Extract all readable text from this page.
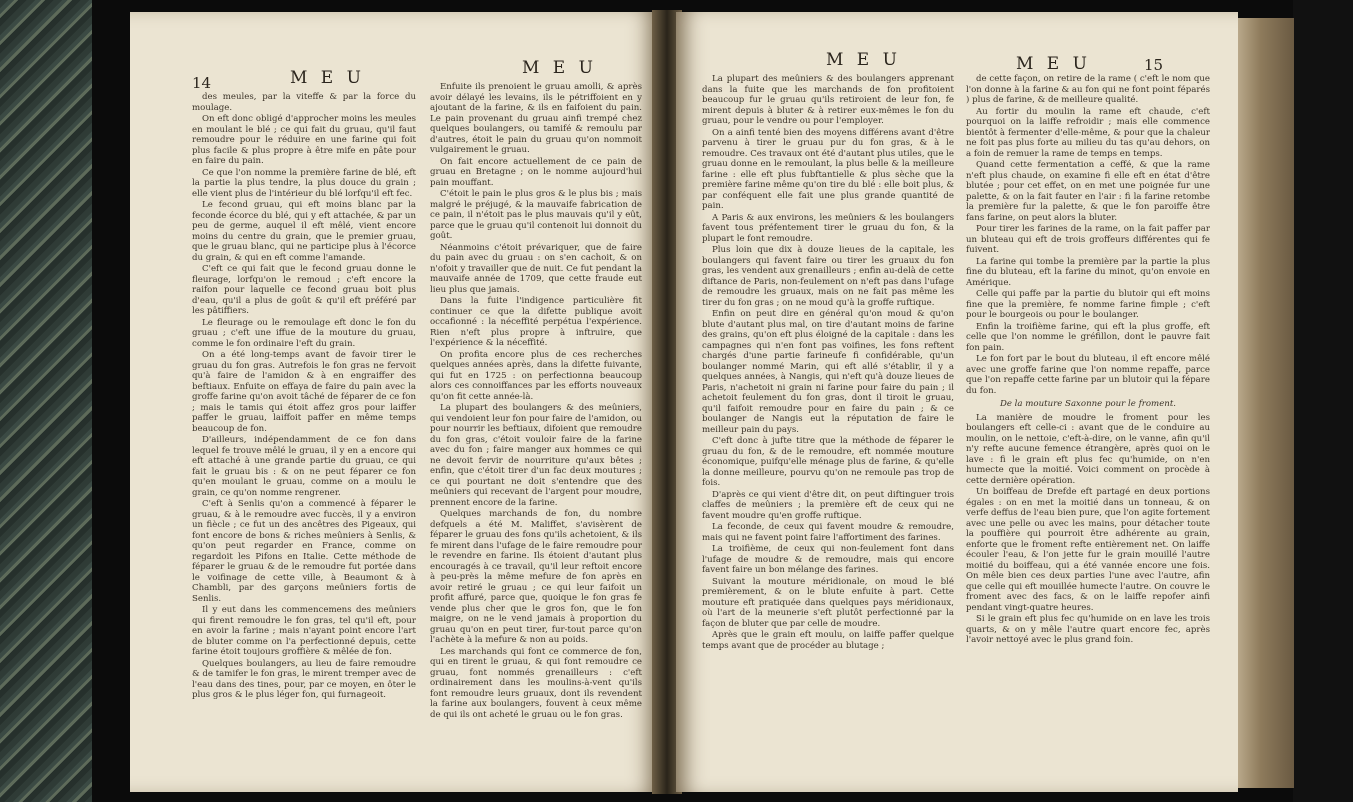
14	M E U	M E U

des meules, par la viteffe & par la force du moulage.

On eft donc obligé d'approcher moins les meules en moulant le blé ; ce qui fait du gruau, qu'il faut remoudre pour le réduire en une farine qui foit plus facile & plus propre à être mife en pâte pour en faire du pain.

Ce que l'on nomme la première farine de blé, eft la partie la plus tendre, la plus douce du grain ; elle vient plus de l'intérieur du blé lorfqu'il eft fec.

Le fecond gruau, qui eft moins blanc par la feconde écorce du blé, qui y eft attachée, & par un peu de germe, auquel il eft mêlé, vient encore moins du centre du grain, que le premier gruau, que le gruau blanc, qui ne participe plus à l'écorce du grain, & qui en eft comme l'amande.

C'eft ce qui fait que le fecond gruau donne le fleurage, lorfqu'on le remoud ; c'eft encore la raifon pour laquelle ce fecond gruau boit plus d'eau, qu'il a plus de goût & qu'il eft préféré par les pâtiffiers.

Le fleurage ou le remoulage eft donc le fon du gruau ; c'eft une iffue de la mouture du gruau, comme le fon ordinaire l'eft du grain.

On a été long-temps avant de favoir tirer le gruau du fon gras. Autrefois le fon gras ne fervoit qu'à faire de l'amidon & à en engraiffer des beftiaux. Enfuite on effaya de faire du pain avec la groffe farine qu'on avoit tâché de féparer de ce fon ; mais le tamis qui étoit affez gros pour laiffer paffer le gruau, laiffoit paffer en même temps beaucoup de fon.

D'ailleurs, indépendamment de ce fon dans lequel fe trouve mêlé le gruau, il y en a encore qui eft attaché à une grande partie du gruau, ce qui fait le gruau bis : & on ne peut féparer ce fon qu'en moulant le gruau, comme on a moulu le grain, ce qu'on nomme rengrener.

C'eft à Senlis qu'on a commencé à féparer le gruau, & à le remoudre avec fuccès, il y a environ un fiècle ; ce fut un des ancêtres des Pigeaux, qui font encore de bons & riches meûniers à Senlis, & qu'on peut regarder en France, comme on regardoit les Pifons en Italie. Cette méthode de féparer le gruau & de le remoudre fut portée dans le voifinage de cette ville, à Beaumont & à Chambli, par des garçons meûniers fortis de Senlis.

Il y eut dans les commencemens des meûniers qui firent remoudre le fon gras, tel qu'il eft, pour en avoir la farine ; mais n'ayant point encore l'art de bluter comme on l'a perfectionné depuis, cette farine étoit toujours groffière & mêlée de fon.

Quelques boulangers, au lieu de faire remoudre & de tamifer le fon gras, le mirent tremper avec de l'eau dans des tines, pour, par ce moyen, en ôter le plus gros & le plus léger fon, qui furnageoit.

Enfuite ils prenoient le gruau amolli, & après avoir délayé les levains, ils le pétriffoient en y ajoutant de la farine, & ils en faifoient du pain. Le pain provenant du gruau ainfi trempé chez quelques boulangers, ou tamifé & remoulu par d'autres, étoit le pain du gruau qu'on nommoit vulgairement le gruau.

On fait encore actuellement de ce pain de gruau en Bretagne ; on le nomme aujourd'hui pain mouffant.

C'étoit le pain le plus gros & le plus bis ; mais malgré le préjugé, & la mauvaife fabrication de ce pain, il n'étoit pas le plus mauvais qu'il y eût, parce que le gruau qu'il contenoit lui donnoit du goût.

Néanmoins c'étoit prévariquer, que de faire du pain avec du gruau : on s'en cachoit, & on n'ofoit y travailler que de nuit. Ce fut pendant la mauvaife année de 1709, que cette fraude eut lieu plus que jamais.

Dans la fuite l'indigence particulière fit continuer ce que la difette publique avoit occafionné : la néceffité perpétua l'expérience. Rien n'eft plus propre à inftruire, que l'expérience & la néceffité.

On profita encore plus de ces recherches quelques années après, dans la difette fuivante, qui fut en 1725 : on perfectionna beaucoup alors ces connoiffances par les efforts nouveaux qu'on fit cette année-là.

La plupart des boulangers & des meûniers, qui vendoient leur fon pour faire de l'amidon, ou pour nourrir les beftiaux, difoient que remoudre du fon gras, c'étoit vouloir faire de la farine avec du fon ; faire manger aux hommes ce qui ne devoit fervir de nourriture qu'aux bêtes ; enfin, que c'étoit tirer d'un fac deux moutures ; ce qui pourtant ne doit s'entendre que des meûniers qui recevant de l'argent pour moudre, prennent encore de la farine.

Quelques marchands de fon, du nombre defquels a été M. Maliffet, s'avisèrent de féparer le gruau des fons qu'ils achetoient, & ils fe mirent dans l'ufage de le faire remoudre pour le revendre en farine. Ils étoient d'autant plus encouragés à ce travail, qu'il leur reftoit encore à peu-près la même mefure de fon après en avoir retiré le gruau ; ce qui leur faifoit un profit affuré, parce que, quoique le fon gras fe vende plus cher que le gros fon, que le fon maigre, on ne le vend jamais à proportion du gruau qu'on en peut tirer, fur-tout parce qu'on l'achète à la mefure & non au poids.

Les marchands qui font ce commerce de fon, qui en tirent le gruau, & qui font remoudre ce gruau, font nommés grenailleurs : c'eft ordinairement dans les moulins-à-vent qu'ils font remoudre leurs gruaux, dont ils revendent la farine aux boulangers, fouvent à ceux même de qui ils ont acheté le gruau ou le fon gras.

M E U	M E U	15

La plupart des meûniers & des boulangers apprenant dans la fuite que les marchands de fon profitoient beaucoup fur le gruau qu'ils retiroient de leur fon, fe mirent depuis à bluter & à retirer eux-mêmes le fon du gruau, pour le vendre ou pour l'employer.

On a ainfi tenté bien des moyens différens avant d'être parvenu à tirer le gruau pur du fon gras, & à le remoudre. Ces travaux ont été d'autant plus utiles, que le gruau donne en le remoulant, la plus belle & la meilleure farine : elle eft plus fubftantielle & plus sèche que la première farine même qu'on tire du blé : elle boit plus, & par conféquent elle fait une plus grande quantité de pain.

A Paris & aux environs, les meûniers & les boulangers favent tous préfentement tirer le gruau du fon, & la plupart le font remoudre.

Plus loin que dix à douze lieues de la capitale, les boulangers qui favent faire ou tirer les gruaux du fon gras, les vendent aux grenailleurs ; enfin au-delà de cette diftance de Paris, non-feulement on n'eft pas dans l'ufage de remoudre les gruaux, mais on ne fait pas même les tirer du fon gras ; on ne moud qu'à la groffe ruftique.

Enfin on peut dire en général qu'on moud & qu'on blute d'autant plus mal, on tire d'autant moins de farine des grains, qu'on eft plus éloigné de la capitale : dans les campagnes qui n'en font pas voifines, les fons reftent chargés d'une partie farineufe fi confidérable, qu'un boulanger nommé Marin, qui eft allé s'établir, il y a quelques années, à Nangis, qui n'eft qu'à douze lieues de Paris, n'achetoit ni grain ni farine pour faire du pain ; il achetoit feulement du fon gras, dont il tiroit le gruau, qu'il faifoit remoudre pour en faire du pain ; & ce boulanger de Nangis eut la réputation de faire le meilleur pain du pays.

C'eft donc à jufte titre que la méthode de féparer le gruau du fon, & de le remoudre, eft nommée mouture économique, puifqu'elle ménage plus de farine, & qu'elle la donne meilleure, pourvu qu'on ne remoule pas trop de fois.

D'après ce qui vient d'être dit, on peut diftinguer trois claffes de meûniers ; la première eft de ceux qui ne favent moudre qu'en groffe ruftique.

La feconde, de ceux qui favent moudre & remoudre, mais qui ne favent point faire l'affortiment des farines.

La troifième, de ceux qui non-feulement font dans l'ufage de moudre & de remoudre, mais qui encore favent faire un bon mélange des farines.

Suivant la mouture méridionale, on moud le blé premièrement, & on le blute enfuite à part. Cette mouture eft pratiquée dans quelques pays méridionaux, où l'art de la meunerie s'eft plutôt perfectionné par la façon de bluter que par celle de moudre.

Après que le grain eft moulu, on laiffe paffer quelque temps avant que de procéder au blutage ;

de cette façon, on retire de la rame ( c'eft le nom que l'on donne à la farine & au fon qui ne font point féparés ) plus de farine, & de meilleure qualité.

Au fortir du moulin la rame eft chaude, c'eft pourquoi on la laiffe refroidir ; mais elle commence bientôt à fermenter d'elle-même, & pour que la chaleur ne foit pas plus forte au milieu du tas qu'au dehors, on a foin de remuer la rame de temps en temps.

Quand cette fermentation a ceffé, & que la rame n'eft plus chaude, on examine fi elle eft en état d'être blutée ; pour cet effet, on en met une poignée fur une palette, & on la fait fauter en l'air : fi la farine retombe la première fur la palette, & que le fon paroiffe être fans farine, on peut alors la bluter.

Pour tirer les farines de la rame, on la fait paffer par un bluteau qui eft de trois groffeurs différentes qui fe fuivent.

La farine qui tombe la première par la partie la plus fine du bluteau, eft la farine du minot, qu'on envoie en Amérique.

Celle qui paffe par la partie du blutoir qui eft moins fine que la première, fe nomme farine fimple ; c'eft pour le bourgeois ou pour le boulanger.

Enfin la troifième farine, qui eft la plus groffe, eft celle que l'on nomme le gréfillon, dont le pauvre fait fon pain.

Le fon fort par le bout du bluteau, il eft encore mêlé avec une groffe farine que l'on nomme repaffe, parce que l'on repaffe cette farine par un blutoir qui la fépare du fon.

De la mouture Saxonne pour le froment.

La manière de moudre le froment pour les boulangers eft celle-ci : avant que de le conduire au moulin, on le nettoie, c'eft-à-dire, on le vanne, afin qu'il n'y refte aucune femence étrangère, après quoi on le lave : fi le grain eft plus fec qu'humide, on n'en humecte que la moitié. Voici comment on procède à cette dernière opération.

Un boiffeau de Drefde eft partagé en deux portions égales : on en met la moitié dans un tonneau, & on verfe deffus de l'eau bien pure, que l'on agite fortement avec une pelle ou avec les mains, pour détacher toute la pouffière qui pourroit être adhérente au grain, enforte que le froment refte entièrement net. On laiffe écouler l'eau, & l'on jette fur le grain mouillé l'autre moitié du boiffeau, qui a été vannée encore une fois. On mêle bien ces deux parties l'une avec l'autre, afin que celle qui eft mouillée humecte l'autre. On couvre le froment avec des facs, & on le laiffe repofer ainfi pendant vingt-quatre heures.

Si le grain eft plus fec qu'humide on en lave les trois quarts, & on y mêle l'autre quart encore fec, après l'avoir nettoyé avec le plus grand foin.
